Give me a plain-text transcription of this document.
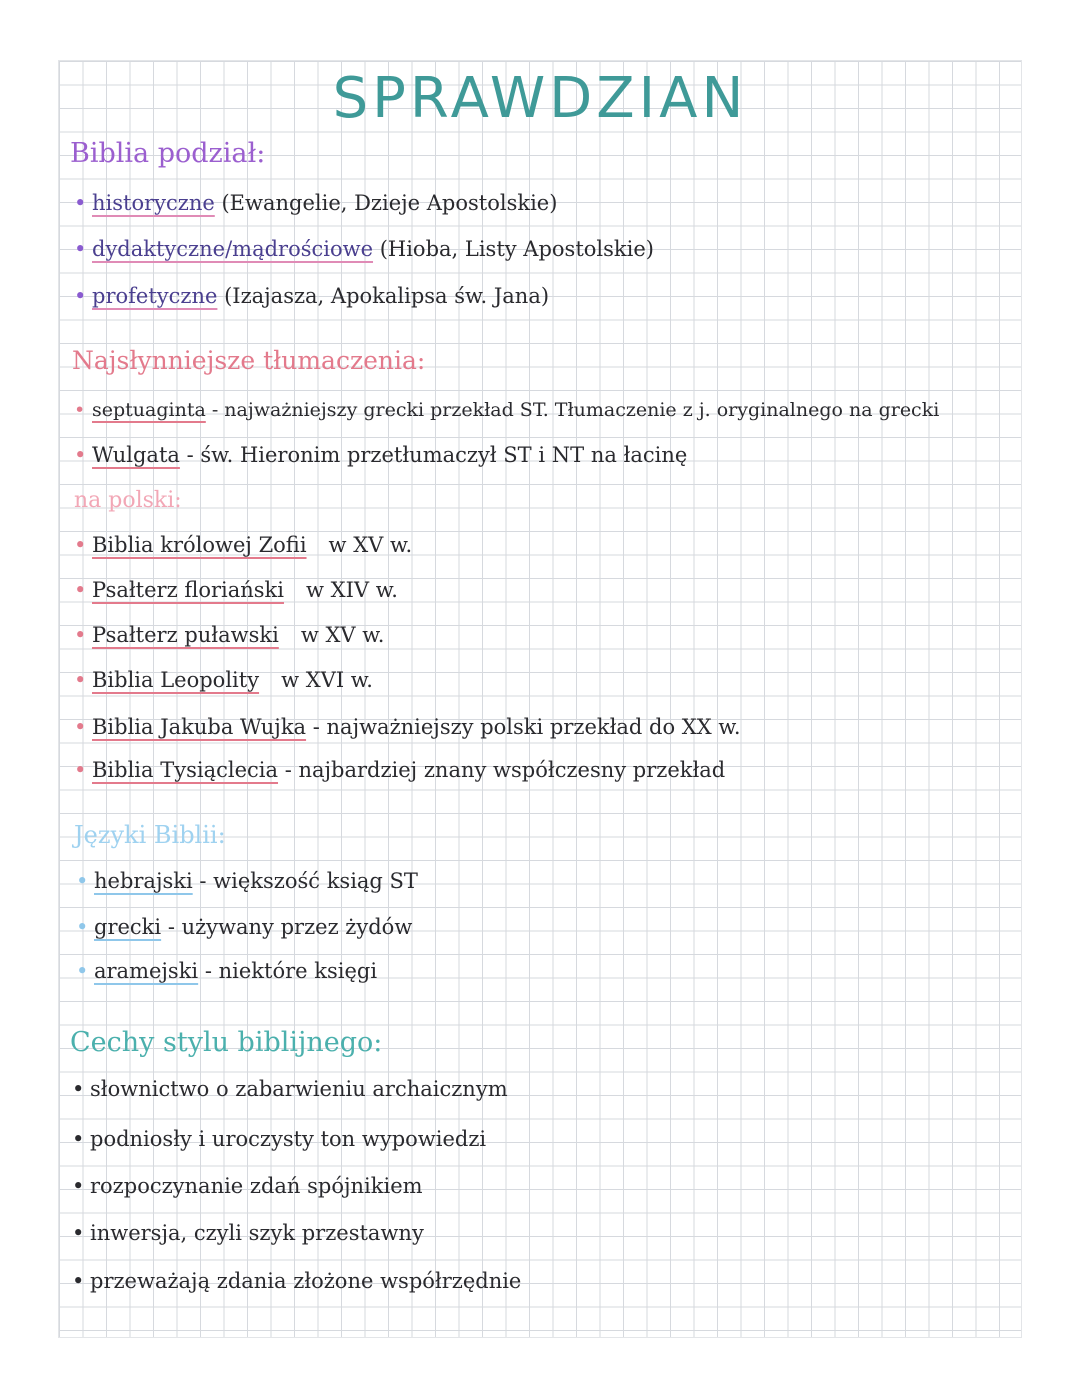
SPRAWDZIAN
Biblia podział:
• historyczne (Ewangelie, Dzieje Apostolskie)
• dydaktyczne/mądrościowe (Hioba, Listy Apostolskie)
• profetyczne (Izajasza, Apokalipsa św. Jana)
Najsłynniejsze tłumaczenia:
• septuaginta - najważniejszy grecki przekład ST. Tłumaczenie z j. oryginalnego na grecki
• Wulgata - św. Hieronim przetłumaczył ST i NT na łacinę
na polski:
• Biblia królowej Zofii w XV w.
• Psałterz floriański w XIV w.
• Psałterz puławski w XV w.
• Biblia Leopolity w XVI w.
• Biblia Jakuba Wujka - najważniejszy polski przekład do XX w.
• Biblia Tysiąclecia - najbardziej znany współczesny przekład
Języki Biblii:
• hebrajski - większość ksiąg ST
• grecki - używany przez żydów
• aramejski - niektóre księgi
Cechy stylu biblijnego:
• słownictwo o zabarwieniu archaicznym
• podniosły i uroczysty ton wypowiedzi
• rozpoczynanie zdań spójnikiem
• inwersja, czyli szyk przestawny
• przeważają zdania złożone współrzędnie
